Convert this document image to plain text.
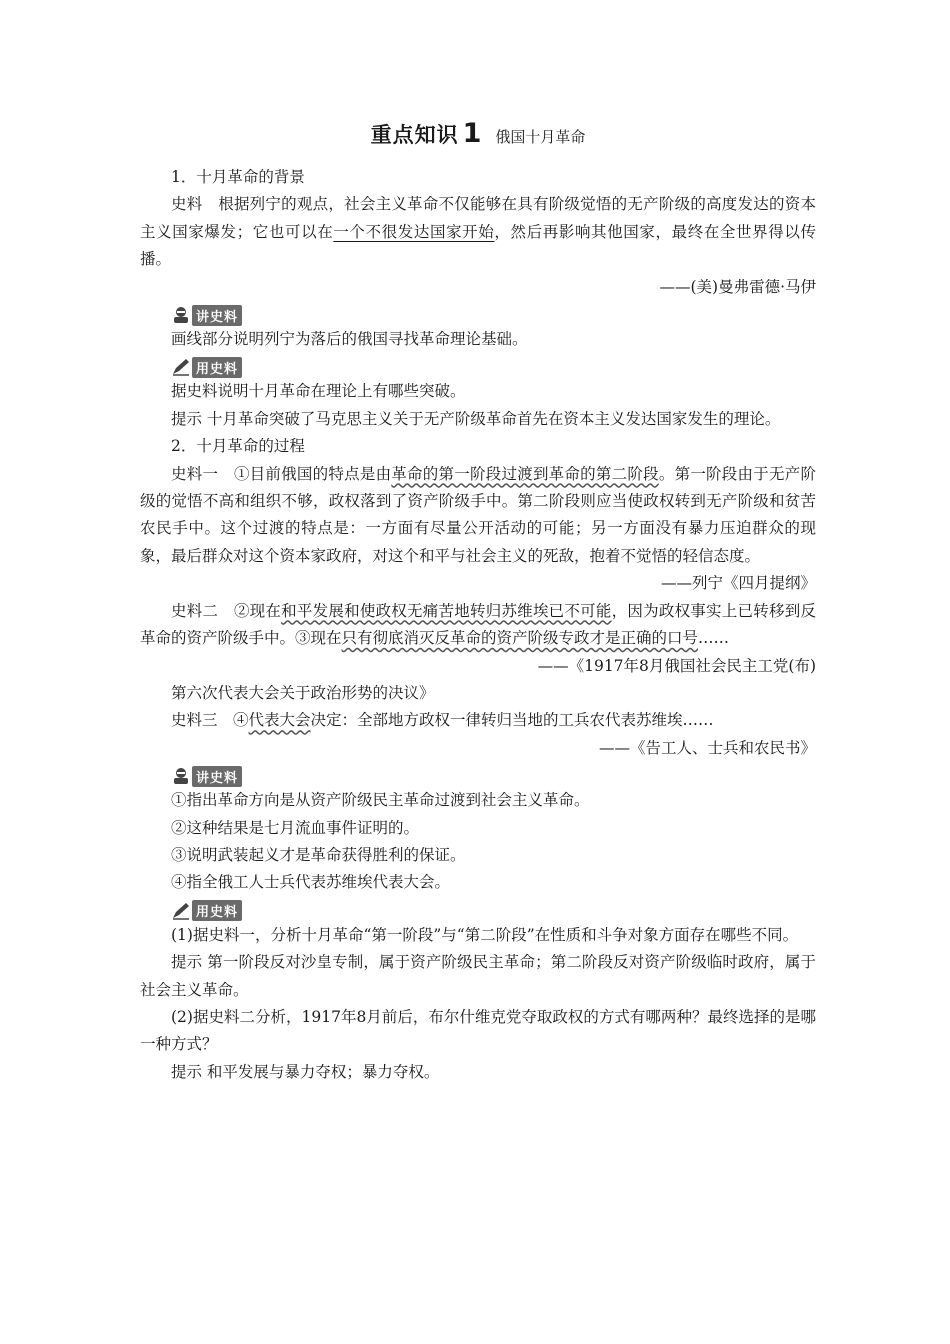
重点知识 1 俄国十月革命

1．十月革命的背景

史料　根据列宁的观点，社会主义革命不仅能够在具有阶级觉悟的无产阶级的高度发达的资本主义国家爆发；它也可以在一个不很发达国家开始，然后再影响其他国家，最终在全世界得以传播。

——(美)曼弗雷德·马伊

讲史料

画线部分说明列宁为落后的俄国寻找革命理论基础。

用史料

据史料说明十月革命在理论上有哪些突破。

提示 十月革命突破了马克思主义关于无产阶级革命首先在资本主义发达国家发生的理论。

2．十月革命的过程

史料一　①目前俄国的特点是由革命的第一阶段过渡到革命的第二阶段。第一阶段由于无产阶级的觉悟不高和组织不够，政权落到了资产阶级手中。第二阶段则应当使政权转到无产阶级和贫苦农民手中。这个过渡的特点是：一方面有尽量公开活动的可能；另一方面没有暴力压迫群众的现象，最后群众对这个资本家政府，对这个和平与社会主义的死敌，抱着不觉悟的轻信态度。

——列宁《四月提纲》

史料二　②现在和平发展和使政权无痛苦地转归苏维埃已不可能，因为政权事实上已转移到反革命的资产阶级手中。③现在只有彻底消灭反革命的资产阶级专政才是正确的口号……

——《1917年8月俄国社会民主工党(布)

第六次代表大会关于政治形势的决议》

史料三　④代表大会决定：全部地方政权一律转归当地的工兵农代表苏维埃……

——《告工人、士兵和农民书》

讲史料

①指出革命方向是从资产阶级民主革命过渡到社会主义革命。

②这种结果是七月流血事件证明的。

③说明武装起义才是革命获得胜利的保证。

④指全俄工人士兵代表苏维埃代表大会。

用史料

(1)据史料一，分析十月革命“第一阶段”与“第二阶段”在性质和斗争对象方面存在哪些不同。

提示 第一阶段反对沙皇专制，属于资产阶级民主革命；第二阶段反对资产阶级临时政府，属于社会主义革命。

(2)据史料二分析，1917年8月前后，布尔什维克党夺取政权的方式有哪两种？最终选择的是哪一种方式？

提示 和平发展与暴力夺权；暴力夺权。
